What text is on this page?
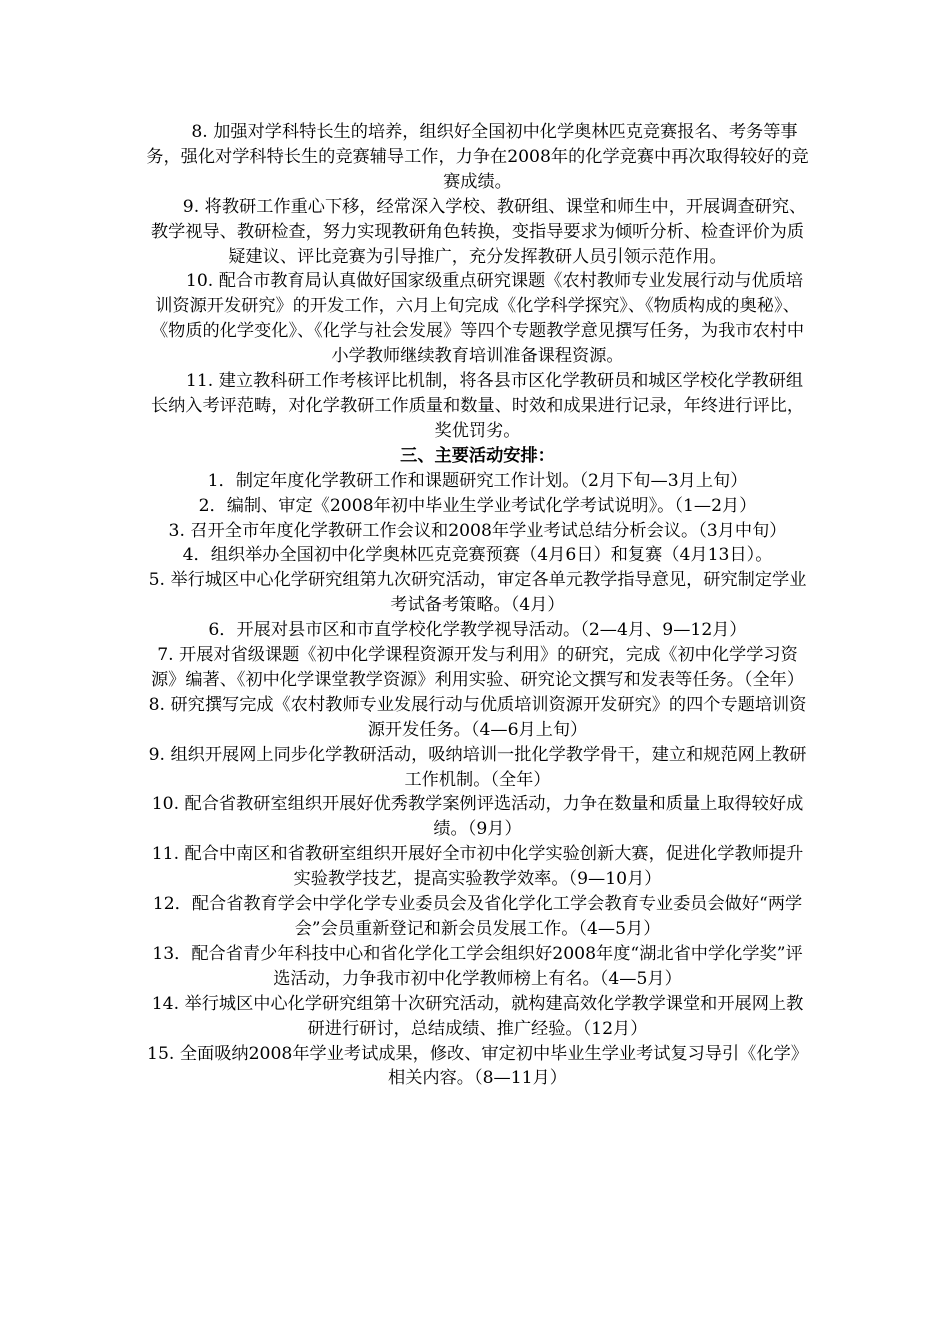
8. 加强对学科特长生的培养，组织好全国初中化学奥林匹克竞赛报名、考务等事务，强化对学科特长生的竞赛辅导工作，力争在2008年的化学竞赛中再次取得较好的竞赛成绩。

9. 将教研工作重心下移，经常深入学校、教研组、课堂和师生中，开展调查研究、教学视导、教研检查，努力实现教研角色转换，变指导要求为倾听分析、检查评价为质疑建议、评比竞赛为引导推广，充分发挥教研人员引领示范作用。

10. 配合市教育局认真做好国家级重点研究课题《农村教师专业发展行动与优质培训资源开发研究》的开发工作，六月上旬完成《化学科学探究》、《物质构成的奥秘》、《物质的化学变化》、《化学与社会发展》等四个专题教学意见撰写任务，为我市农村中小学教师继续教育培训准备课程资源。

11. 建立教科研工作考核评比机制，将各县市区化学教研员和城区学校化学教研组长纳入考评范畴，对化学教研工作质量和数量、时效和成果进行记录，年终进行评比，奖优罚劣。

三、主要活动安排：

1．制定年度化学教研工作和课题研究工作计划。（2月下旬—3月上旬）

2．编制、审定《2008年初中毕业生学业考试化学考试说明》。（1—2月）

3. 召开全市年度化学教研工作会议和2008年学业考试总结分析会议。（3月中旬）

4．组织举办全国初中化学奥林匹克竞赛预赛（4月6日）和复赛（4月13日）。

5. 举行城区中心化学研究组第九次研究活动，审定各单元教学指导意见，研究制定学业考试备考策略。（4月）

6．开展对县市区和市直学校化学教学视导活动。（2—4月、9—12月）

7. 开展对省级课题《初中化学课程资源开发与利用》的研究，完成《初中化学学习资源》编著、《初中化学课堂教学资源》利用实验、研究论文撰写和发表等任务。（全年）

8. 研究撰写完成《农村教师专业发展行动与优质培训资源开发研究》的四个专题培训资源开发任务。（4—6月上旬）

9. 组织开展网上同步化学教研活动，吸纳培训一批化学教学骨干，建立和规范网上教研工作机制。（全年）

10. 配合省教研室组织开展好优秀教学案例评选活动，力争在数量和质量上取得较好成绩。（9月）

11. 配合中南区和省教研室组织开展好全市初中化学实验创新大赛，促进化学教师提升实验教学技艺，提高实验教学效率。（9—10月）

12．配合省教育学会中学化学专业委员会及省化学化工学会教育专业委员会做好“两学会”会员重新登记和新会员发展工作。（4—5月）

13．配合省青少年科技中心和省化学化工学会组织好2008年度“湖北省中学化学奖”评选活动，力争我市初中化学教师榜上有名。（4—5月）

14. 举行城区中心化学研究组第十次研究活动，就构建高效化学教学课堂和开展网上教研进行研讨，总结成绩、推广经验。（12月）

15. 全面吸纳2008年学业考试成果，修改、审定初中毕业生学业考试复习导引《化学》相关内容。（8—11月）
